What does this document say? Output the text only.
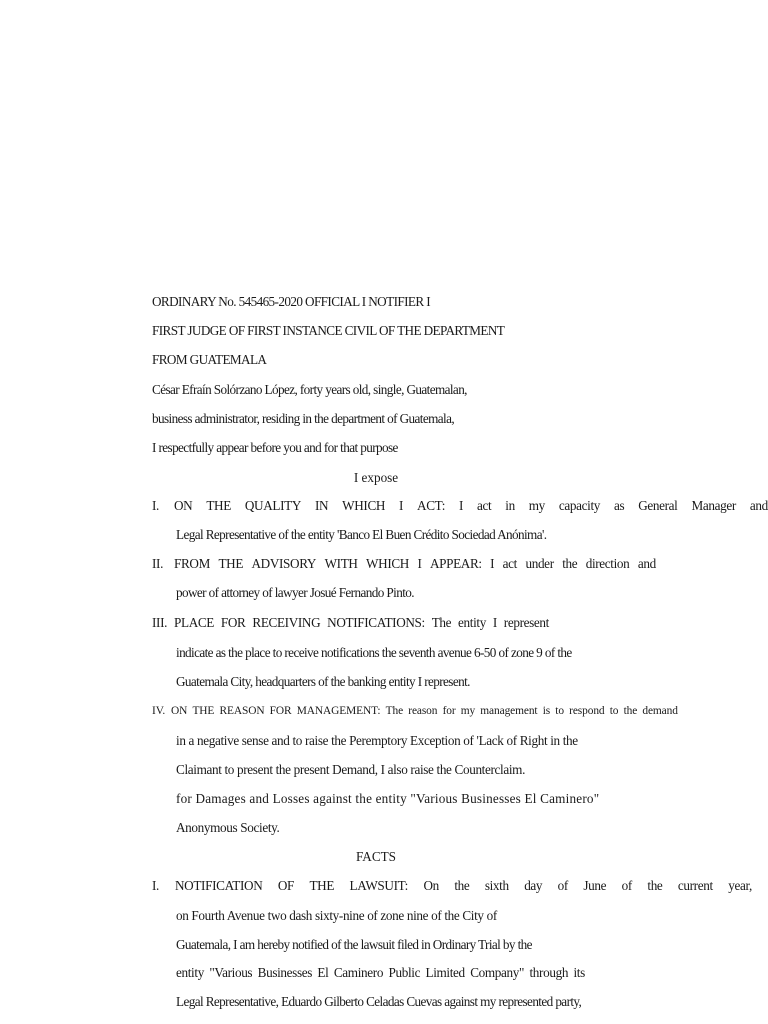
ORDINARY No. 545465-2020 OFFICIAL I NOTIFIER I
FIRST JUDGE OF FIRST INSTANCE CIVIL OF THE DEPARTMENT
FROM GUATEMALA
César Efraín Solórzano López, forty years old, single, Guatemalan,
business administrator, residing in the department of Guatemala,
I respectfully appear before you and for that purpose
I expose
I.	ON THE QUALITY IN WHICH I ACT: I act in my capacity as General Manager and
Legal Representative of the entity 'Banco El Buen Crédito Sociedad Anónima'.
II. FROM THE ADVISORY WITH WHICH I APPEAR: I act under the direction and
power of attorney of lawyer Josué Fernando Pinto.
III. PLACE FOR RECEIVING NOTIFICATIONS: The entity I represent
indicate as the place to receive notifications the seventh avenue 6-50 of zone 9 of the
Guatemala City, headquarters of the banking entity I represent.
IV. ON THE REASON FOR MANAGEMENT: The reason for my management is to respond to the demand
in a negative sense and to raise the Peremptory Exception of 'Lack of Right in the
Claimant to present the present Demand, I also raise the Counterclaim.
for Damages and Losses against the entity "Various Businesses El Caminero"
Anonymous Society.
FACTS
I.	NOTIFICATION OF THE LAWSUIT: On the sixth day of June of the current year,
on Fourth Avenue two dash sixty-nine of zone nine of the City of
Guatemala, I am hereby notified of the lawsuit filed in Ordinary Trial by the
entity "Various Businesses El Caminero Public Limited Company" through its
Legal Representative, Eduardo Gilberto Celadas Cuevas against my represented party,
